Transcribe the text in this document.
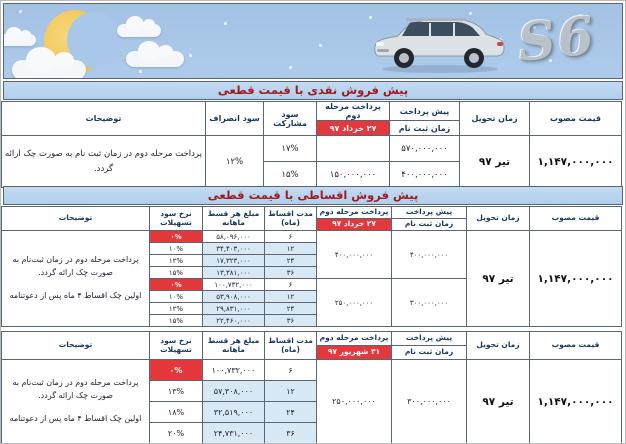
S6
پیش فروش نقدی با قیمت قطعی
قیمت مصوب	زمان تحویل	پیش پرداخت	پرداخت مرحله دوم	سود مشارکت	سود انصراف	توضیحات
		زمان ثبت نام	۲۷ خرداد ۹۷			
۱,۱۴۷,۰۰۰,۰۰۰	تیر ۹۷	۵۷۰,۰۰۰,۰۰۰		۱۷%	۱۲%	پرداخت مرحله دوم در زمان ثبت نام به صورت چک ارائه گردد.
		۴۰۰,۰۰۰,۰۰۰	۱۵۰,۰۰۰,۰۰۰	۱۵%		
پیش فروش اقساطی با قیمت قطعی
قیمت مصوب	زمان تحویل	پیش پرداخت	پرداخت مرحله دوم	مدت اقساط (ماه)	مبلغ هر قسط ماهانه	نرخ سود تسهیلات	توضیحات
		زمان ثبت نام	۲۷ خرداد ۹۷				
۱,۱۴۷,۰۰۰,۰۰۰	تیر ۹۷	۴۰۰,۰۰۰,۰۰۰	۴۰۰,۰۰۰,۰۰۰	۶	۵۸,۰۹۶,۰۰۰	۰%	پرداخت مرحله دوم در زمان ثبت‌نام به صورت چک ارائه گردد.
اولین چک اقساط ۴ ماه پس از دعوتنامه

				۱۲	۳۴,۴۰۳,۰۰۰	۱۰%	
				۲۴	۱۷,۳۲۳,۰۰۰	۱۲%	
				۳۶	۱۳,۳۸۱,۰۰۰	۱۵%	
		۳۰۰,۰۰۰,۰۰۰	۲۵۰,۰۰۰,۰۰۰	۶	۱۰۰,۷۳۲,۰۰۰	۰%	
				۱۲	۵۳,۹۰۸,۰۰۰	۱۰%	
				۲۴	۲۹,۸۳۱,۰۰۰	۱۲%	
				۳۶	۲۲,۴۶۰,۰۰۰	۱۵%	
قیمت مصوب	زمان تحویل	پیش پرداخت	پرداخت مرحله دوم	مدت اقساط (ماه)	مبلغ هر قسط ماهانه	نرخ سود تسهیلات	توضیحات
		زمان ثبت نام	۳۱ شهریور ۹۷				
۱,۱۴۷,۰۰۰,۰۰۰	تیر ۹۷	۳۰۰,۰۰۰,۰۰۰	۲۵۰,۰۰۰,۰۰۰	۶	۱۰۰,۷۳۲,۰۰۰	۰%	پرداخت مرحله دوم در زمان ثبت‌نام به صورت چک ارائه گردد.
اولین چک اقساط ۴ ماه پس از دعوتنامه

				۱۲	۵۷,۳۰۸,۰۰۰	۱۳%	
				۲۴	۳۲,۵۱۹,۰۰۰	۱۸%	
				۳۶	۲۴,۷۳۱,۰۰۰	۲۰%	
